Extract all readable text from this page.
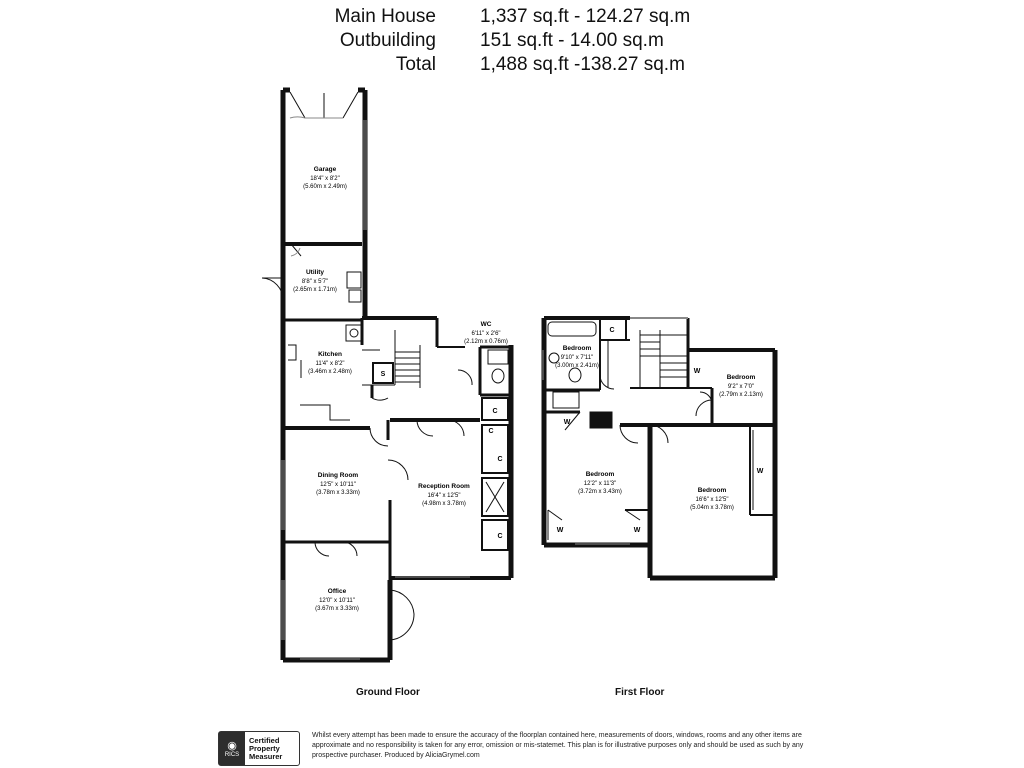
Main House 1,337 sq.ft - 124.27 sq.m
Outbuilding 151 sq.ft - 14.00 sq.m
Total 1,488 sq.ft -138.27 sq.m
Garage
18'4" x 8'2"
(5.60m x 2.49m)
Utility
8'8" x 5'7"
(2.65m x 1.71m)
Kitchen
11'4" x 8'2"
(3.46m x 2.48m)	S
WC
6'11" x 2'6"
(2.12m x 0.76m)
Dining Room
12'5" x 10'11"
(3.78m x 3.33m)
Reception Room
16'4" x 12'5"
(4.98m x 3.78m)
Office
12'0" x 10'11"
(3.67m x 3.33m)
C
C
C
C
Bedroom
9'10" x 7'11"
(3.00m x 2.41m)
Bedroom
9'2" x 7'0"
(2.79m x 2.13m)
Bedroom
12'2" x 11'3"
(3.72m x 3.43m)	Bedroom
16'6" x 12'5"
(5.04m x 3.78m)
C
W
W
W
W	W
Ground Floor	First Floor
◉
RICS
Certified
Property
Measurer
Whilst every attempt has been made to ensure the accuracy of the floorplan contained here, measurements of doors, windows, rooms and any other items are approximate and no responsibility is taken for any error, omission or mis-statemet. This plan is for illustrative purposes only and should be used as such by any prospective purchaser. Produced by AliciaGrymel.com
